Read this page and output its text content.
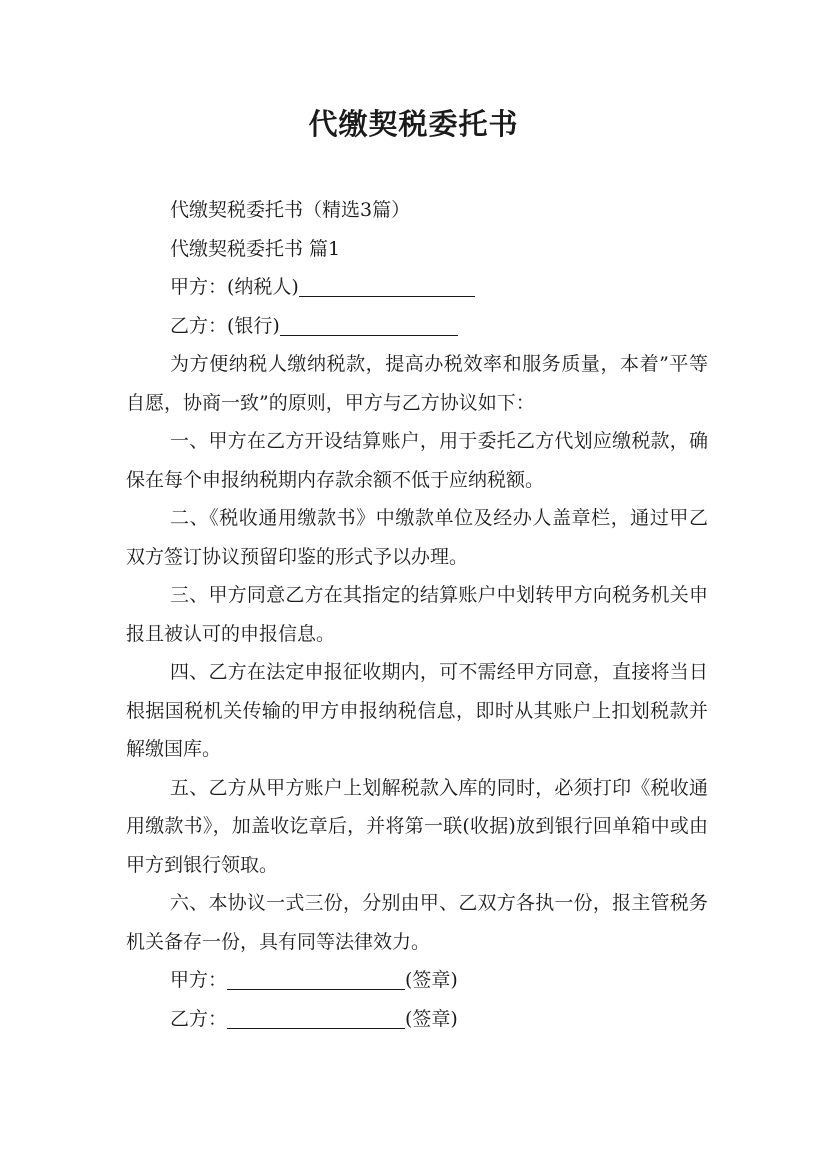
代缴契税委托书

代缴契税委托书（精选3篇）

代缴契税委托书 篇1

甲方：(纳税人)

乙方：(银行)

为方便纳税人缴纳税款，提高办税效率和服务质量，本着”平等自愿，协商一致”的原则，甲方与乙方协议如下：

一、甲方在乙方开设结算账户，用于委托乙方代划应缴税款，确保在每个申报纳税期内存款余额不低于应纳税额。

二、《税收通用缴款书》中缴款单位及经办人盖章栏，通过甲乙双方签订协议预留印鉴的形式予以办理。

三、甲方同意乙方在其指定的结算账户中划转甲方向税务机关申报且被认可的申报信息。

四、乙方在法定申报征收期内，可不需经甲方同意，直接将当日根据国税机关传输的甲方申报纳税信息，即时从其账户上扣划税款并解缴国库。

五、乙方从甲方账户上划解税款入库的同时，必须打印《税收通用缴款书》，加盖收讫章后，并将第一联(收据)放到银行回单箱中或由甲方到银行领取。

六、本协议一式三份，分别由甲、乙双方各执一份，报主管税务机关备存一份，具有同等法律效力。

甲方：	(签章)

乙方：	(签章)
